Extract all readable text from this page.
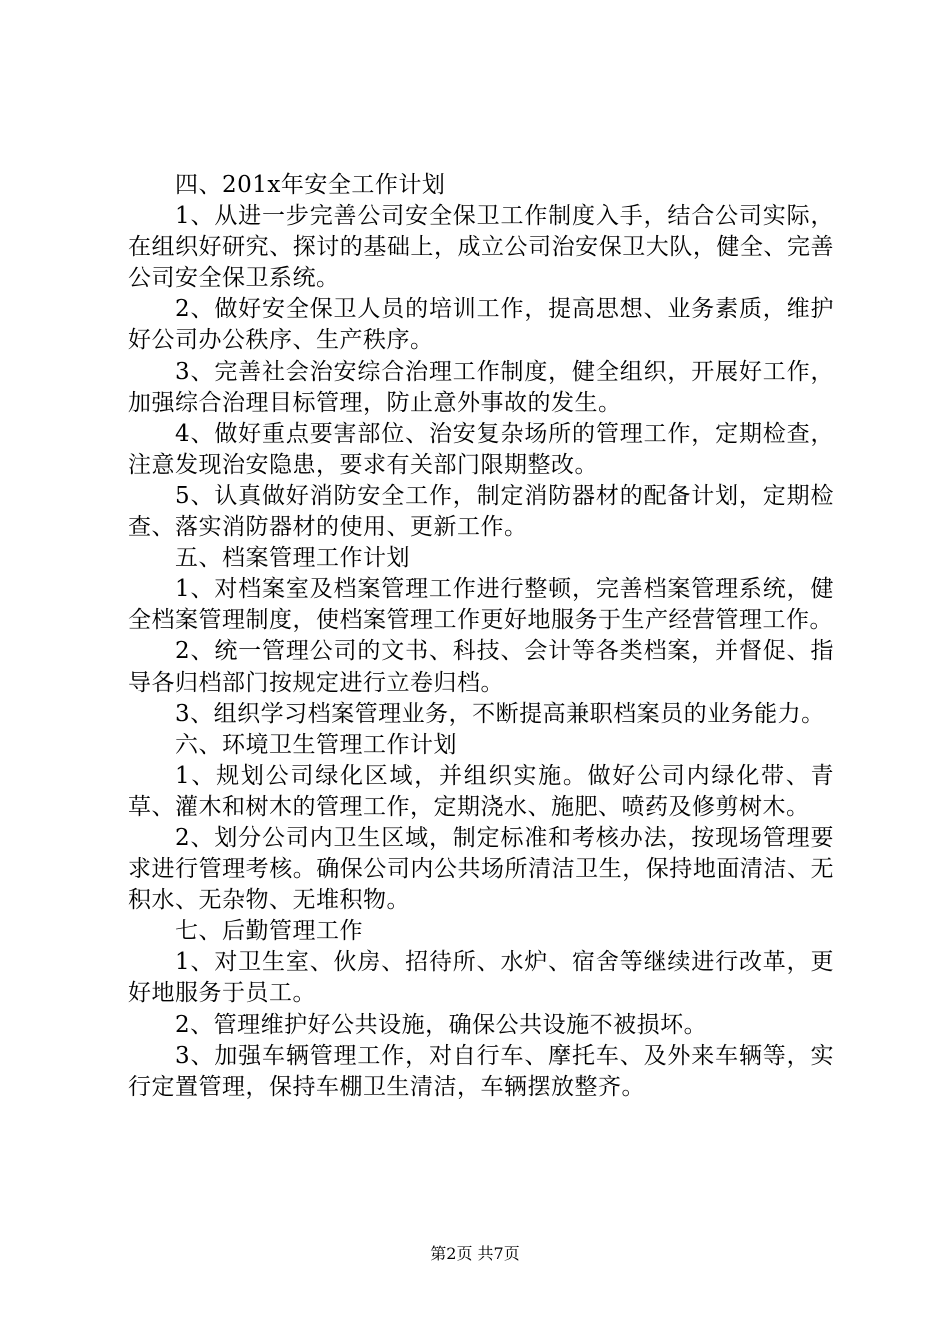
四、201x年安全工作计划

1、从进一步完善公司安全保卫工作制度入手，结合公司实际，在组织好研究、探讨的基础上，成立公司治安保卫大队，健全、完善公司安全保卫系统。

2、做好安全保卫人员的培训工作，提高思想、业务素质，维护好公司办公秩序、生产秩序。

3、完善社会治安综合治理工作制度，健全组织，开展好工作，加强综合治理目标管理，防止意外事故的发生。

4、做好重点要害部位、治安复杂场所的管理工作，定期检查，注意发现治安隐患，要求有关部门限期整改。

5、认真做好消防安全工作，制定消防器材的配备计划，定期检查、落实消防器材的使用、更新工作。

五、档案管理工作计划

1、对档案室及档案管理工作进行整顿，完善档案管理系统，健全档案管理制度，使档案管理工作更好地服务于生产经营管理工作。

2、统一管理公司的文书、科技、会计等各类档案，并督促、指导各归档部门按规定进行立卷归档。

3、组织学习档案管理业务，不断提高兼职档案员的业务能力。

六、环境卫生管理工作计划

1、规划公司绿化区域，并组织实施。做好公司内绿化带、青草、灌木和树木的管理工作，定期浇水、施肥、喷药及修剪树木。

2、划分公司内卫生区域，制定标准和考核办法，按现场管理要求进行管理考核。确保公司内公共场所清洁卫生，保持地面清洁、无积水、无杂物、无堆积物。

七、后勤管理工作

1、对卫生室、伙房、招待所、水炉、宿舍等继续进行改革，更好地服务于员工。

2、管理维护好公共设施，确保公共设施不被损坏。

3、加强车辆管理工作，对自行车、摩托车、及外来车辆等，实行定置管理，保持车棚卫生清洁，车辆摆放整齐。

第2页 共7页
